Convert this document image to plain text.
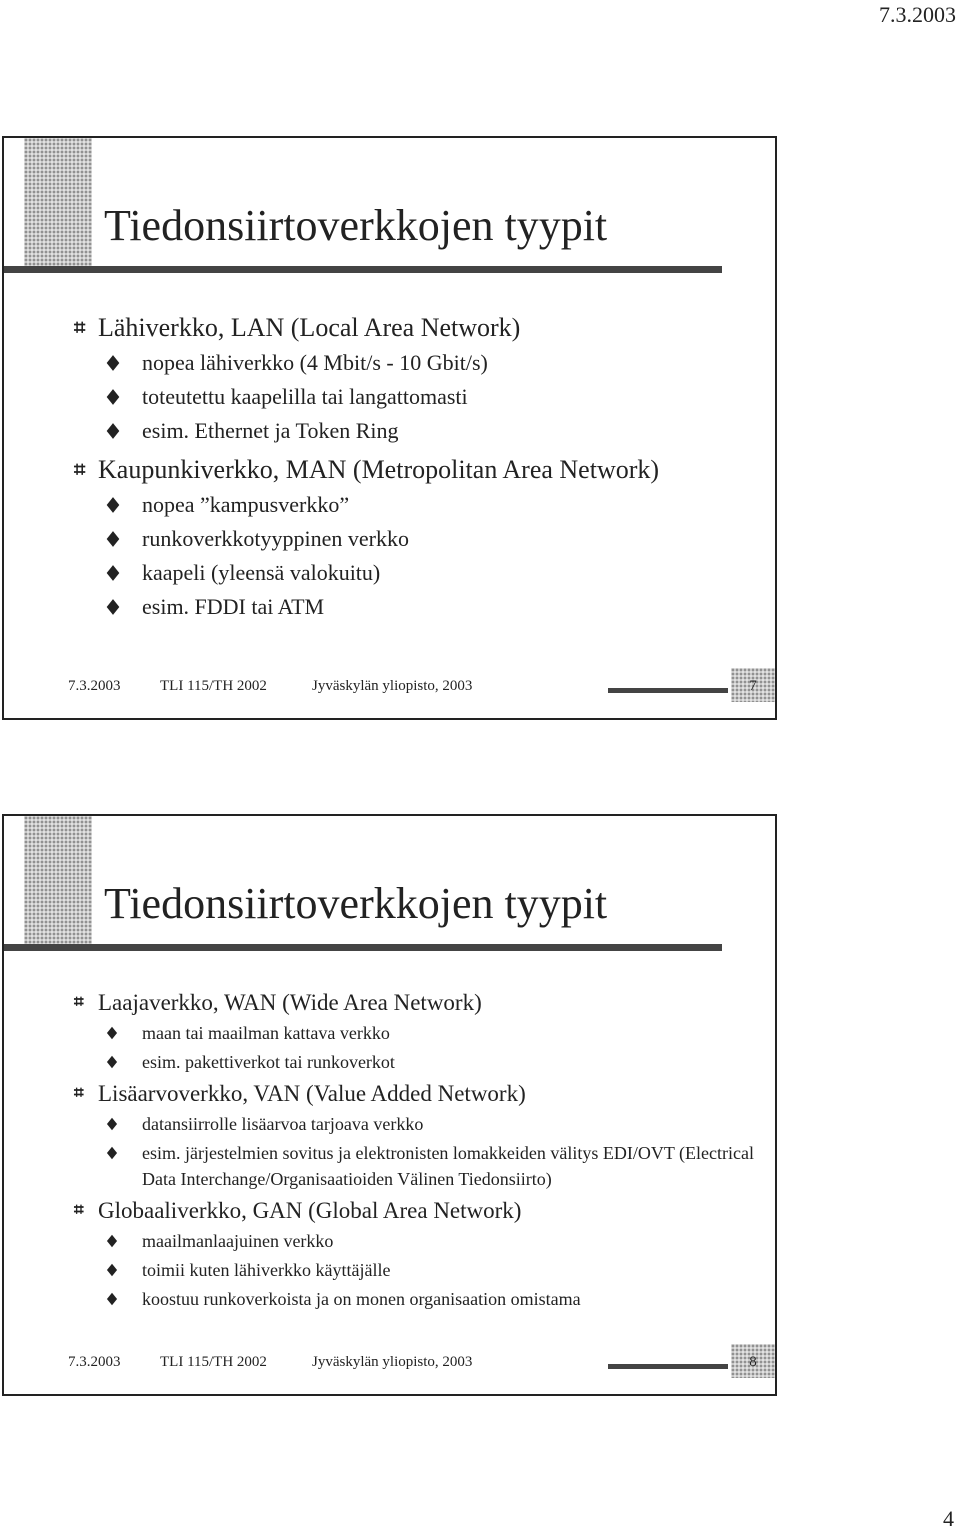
7.3.2003
Tiedonsiirtoverkkojen tyypit
⌗ Lähiverkko, LAN (Local Area Network)
nopea lähiverkko (4 Mbit/s - 10 Gbit/s)
toteutettu kaapelilla tai langattomasti
esim. Ethernet ja Token Ring
⌗ Kaupunkiverkko, MAN (Metropolitan Area Network)
nopea ”kampusverkko”
runkoverkkotyyppinen verkko
kaapeli (yleensä valokuitu)
esim. FDDI tai ATM
7.3.2003	TLI 115/TH 2002	Jyväskylän yliopisto, 2003	7
Tiedonsiirtoverkkojen tyypit
⌗ Laajaverkko, WAN (Wide Area Network)
maan tai maailman kattava verkko
esim. pakettiverkot tai runkoverkot
⌗ Lisäarvoverkko, VAN (Value Added Network)
datansiirrolle lisäarvoa tarjoava verkko
esim. järjestelmien sovitus ja elektronisten lomakkeiden välitys EDI/OVT (Electrical Data Interchange/Organisaatioiden Välinen Tiedonsiirto)
⌗ Globaaliverkko, GAN (Global Area Network)
maailmanlaajuinen verkko
toimii kuten lähiverkko käyttäjälle
koostuu runkoverkoista ja on monen organisaation omistama
7.3.2003	TLI 115/TH 2002	Jyväskylän yliopisto, 2003	8
4
